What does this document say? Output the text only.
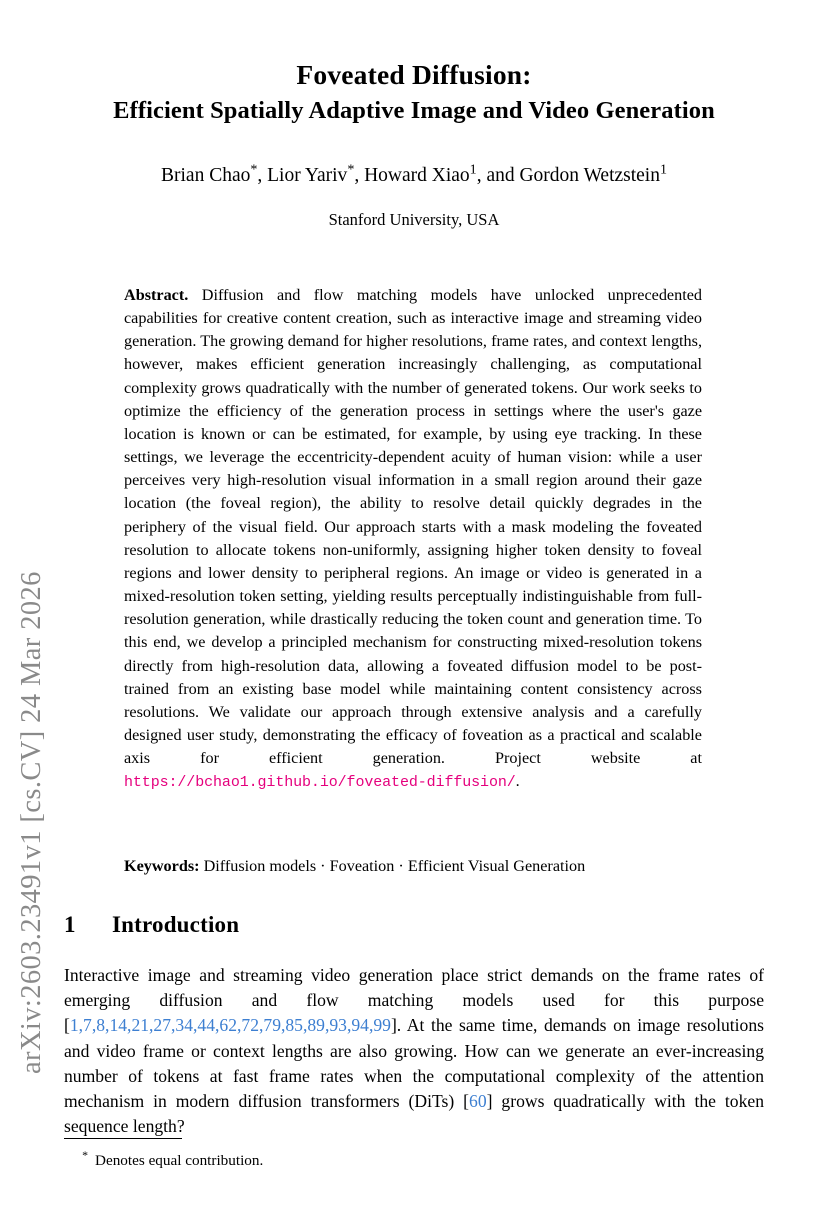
arXiv:2603.23491v1 [cs.CV] 24 Mar 2026
Foveated Diffusion:
Efficient Spatially Adaptive Image and Video Generation
Brian Chao*, Lior Yariv*, Howard Xiao$^1$, and Gordon Wetzstein$^1$
Stanford University, USA
Abstract. Diffusion and flow matching models have unlocked unprecedented capabilities for creative content creation, such as interactive image and streaming video generation. The growing demand for higher resolutions, frame rates, and context lengths, however, makes efficient generation increasingly challenging, as computational complexity grows quadratically with the number of generated tokens. Our work seeks to optimize the efficiency of the generation process in settings where the user's gaze location is known or can be estimated, for example, by using eye tracking. In these settings, we leverage the eccentricity-dependent acuity of human vision: while a user perceives very high-resolution visual information in a small region around their gaze location (the foveal region), the ability to resolve detail quickly degrades in the periphery of the visual field. Our approach starts with a mask modeling the foveated resolution to allocate tokens non-uniformly, assigning higher token density to foveal regions and lower density to peripheral regions. An image or video is generated in a mixed-resolution token setting, yielding results perceptually indistinguishable from full-resolution generation, while drastically reducing the token count and generation time. To this end, we develop a principled mechanism for constructing mixed-resolution tokens directly from high-resolution data, allowing a foveated diffusion model to be post-trained from an existing base model while maintaining content consistency across resolutions. We validate our approach through extensive analysis and a carefully designed user study, demonstrating the efficacy of foveation as a practical and scalable axis for efficient generation. Project website at https://bchao1.github.io/foveated-diffusion/.
Keywords: Diffusion models · Foveation · Efficient Visual Generation
1 Introduction
Interactive image and streaming video generation place strict demands on the frame rates of emerging diffusion and flow matching models used for this purpose [1,7,8,14,21,27,34,44,62,72,79,85,89,93,94,99]. At the same time, demands on image resolutions and video frame or context lengths are also growing. How can we generate an ever-increasing number of tokens at fast frame rates when the computational complexity of the attention mechanism in modern diffusion transformers (DiTs) [60] grows quadratically with the token sequence length?
* Denotes equal contribution.
